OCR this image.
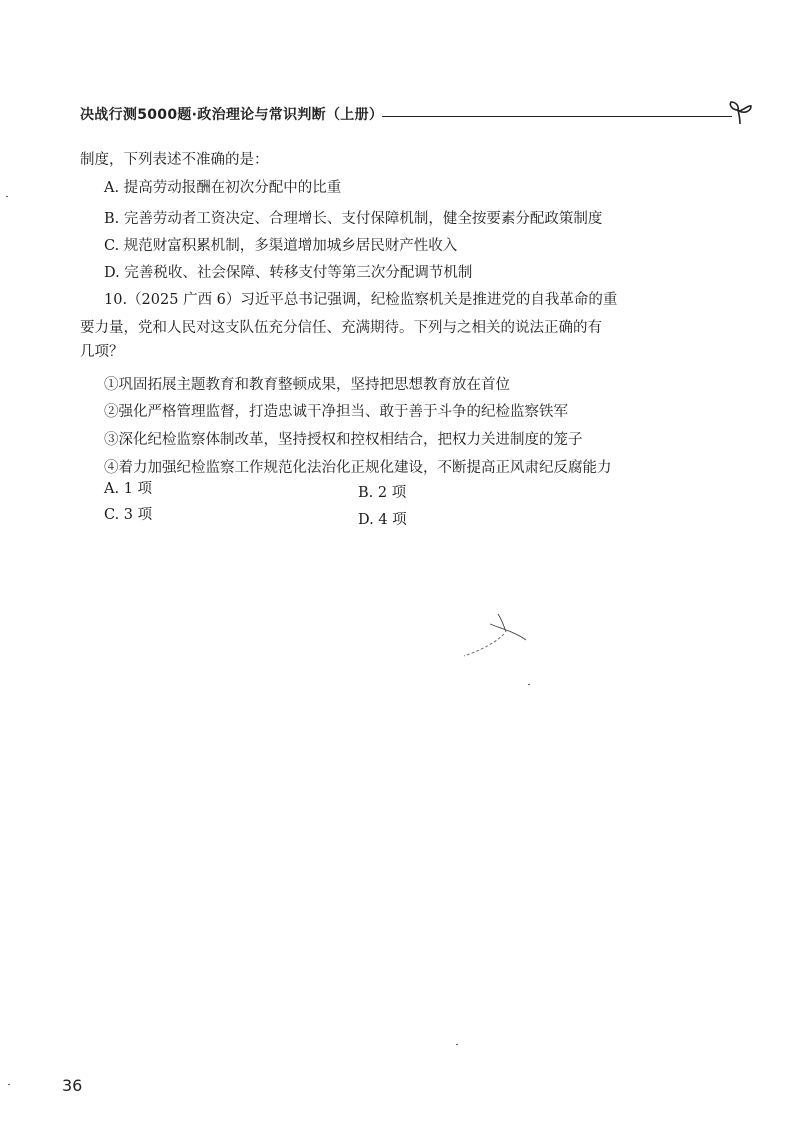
决战行测5000题·政治理论与常识判断（上册）
制度，下列表述不准确的是：
A. 提高劳动报酬在初次分配中的比重
B. 完善劳动者工资决定、合理增长、支付保障机制，健全按要素分配政策制度
C. 规范财富积累机制，多渠道增加城乡居民财产性收入
D. 完善税收、社会保障、转移支付等第三次分配调节机制
10.（2025 广西 6）习近平总书记强调，纪检监察机关是推进党的自我革命的重
要力量，党和人民对这支队伍充分信任、充满期待。下列与之相关的说法正确的有
几项？
①巩固拓展主题教育和教育整顿成果，坚持把思想教育放在首位
②强化严格管理监督，打造忠诚干净担当、敢于善于斗争的纪检监察铁军
③深化纪检监察体制改革，坚持授权和控权相结合，把权力关进制度的笼子
④着力加强纪检监察工作规范化法治化正规化建设，不断提高正风肃纪反腐能力
A. 1 项	B. 2 项
C. 3 项	D. 4 项
36
